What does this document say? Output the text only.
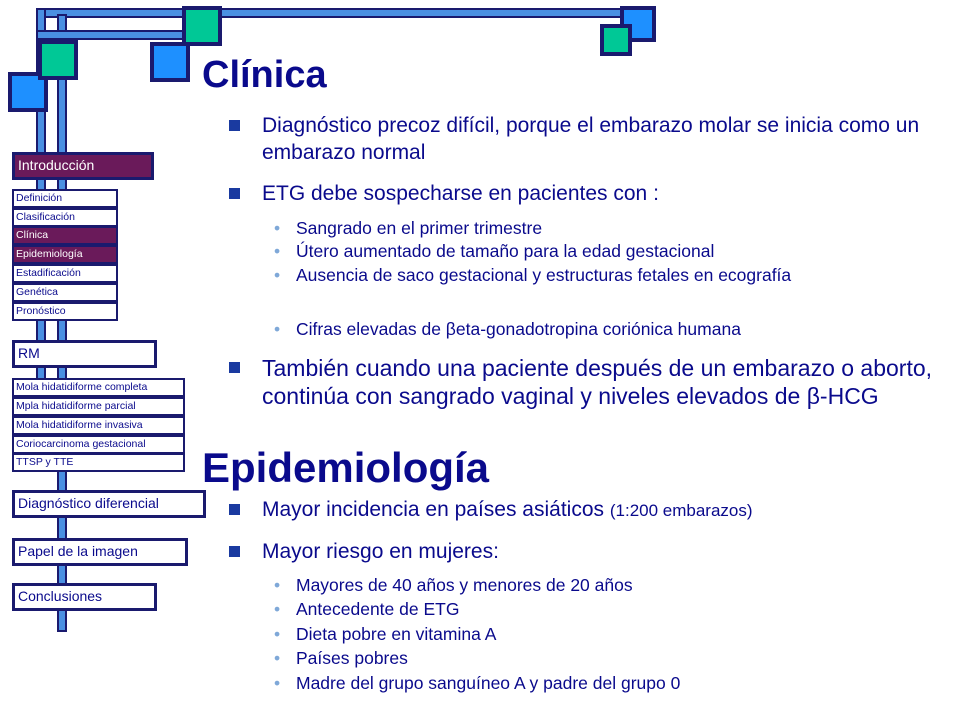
Introducción
Definición
Clasificación
Clínica
Epidemiología
Estadificación
Genética
Pronóstico
RM
Mola hidatidiforme completa
Mpla hidatidiforme parcial
Mola hidatidiforme invasiva
Coriocarcinoma gestacional
TTSP y TTE
Diagnóstico diferencial
Papel de la imagen
Conclusiones
Clínica
Diagnóstico precoz difícil, porque el embarazo molar se inicia como un embarazo normal
ETG debe sospecharse en pacientes con :
• Sangrado en el primer trimestre
• Útero aumentado de tamaño para la edad gestacional
• Ausencia de saco gestacional y estructuras fetales en ecografía
• Cifras elevadas de βeta-gonadotropina coriónica humana
También cuando una paciente después de un embarazo o aborto, continúa con sangrado vaginal y niveles elevados de β-HCG
Epidemiología
Mayor incidencia en países asiáticos (1:200 embarazos)
Mayor riesgo en mujeres:
• Mayores de 40 años y menores de 20 años
• Antecedente de ETG
• Dieta pobre en vitamina A
• Países pobres
• Madre del grupo sanguíneo A y padre del grupo 0
